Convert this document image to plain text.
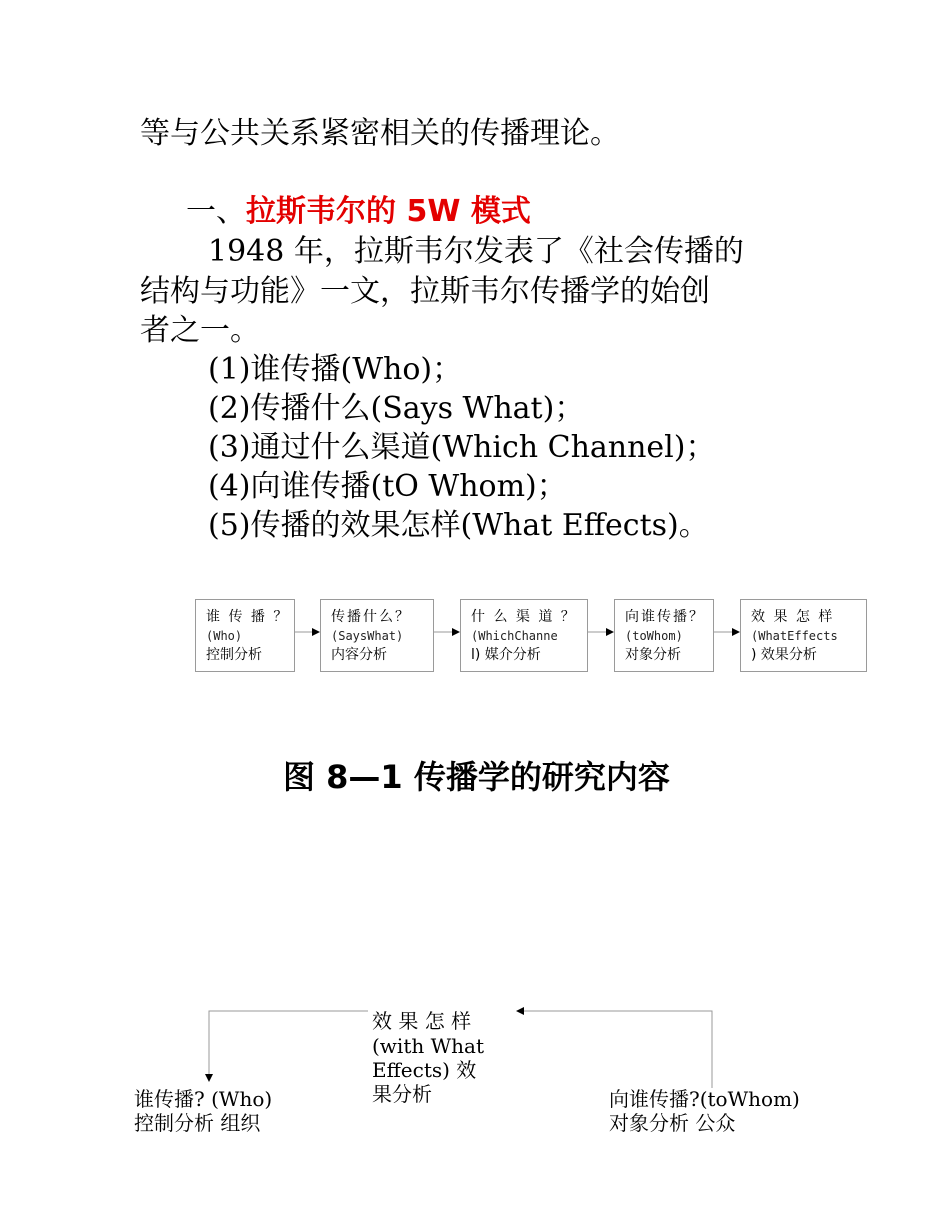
等与公共关系紧密相关的传播理论。
一、拉斯韦尔的 5W 模式
1948 年，拉斯韦尔发表了《社会传播的
结构与功能》一文，拉斯韦尔传播学的始创
者之一。
(1)谁传播(Who)；
(2)传播什么(Says What)；
(3)通过什么渠道(Which Channel)；
(4)向谁传播(tO Whom)；
(5)传播的效果怎样(What Effects)。
谁 传 播 ？
(Who)
控制分析
传播什么？
(SaysWhat)
内容分析
什 么 渠 道 ？
(WhichChanne
l) 媒介分析
向谁传播？
(toWhom)
对象分析
效 果 怎 样
(WhatEffects
) 效果分析
图 8—1 传播学的研究内容
效 果 怎 样
(with What
Effects) 效
果分析
谁传播? (Who)
控制分析 组织
向谁传播?(toWhom)
对象分析 公众
